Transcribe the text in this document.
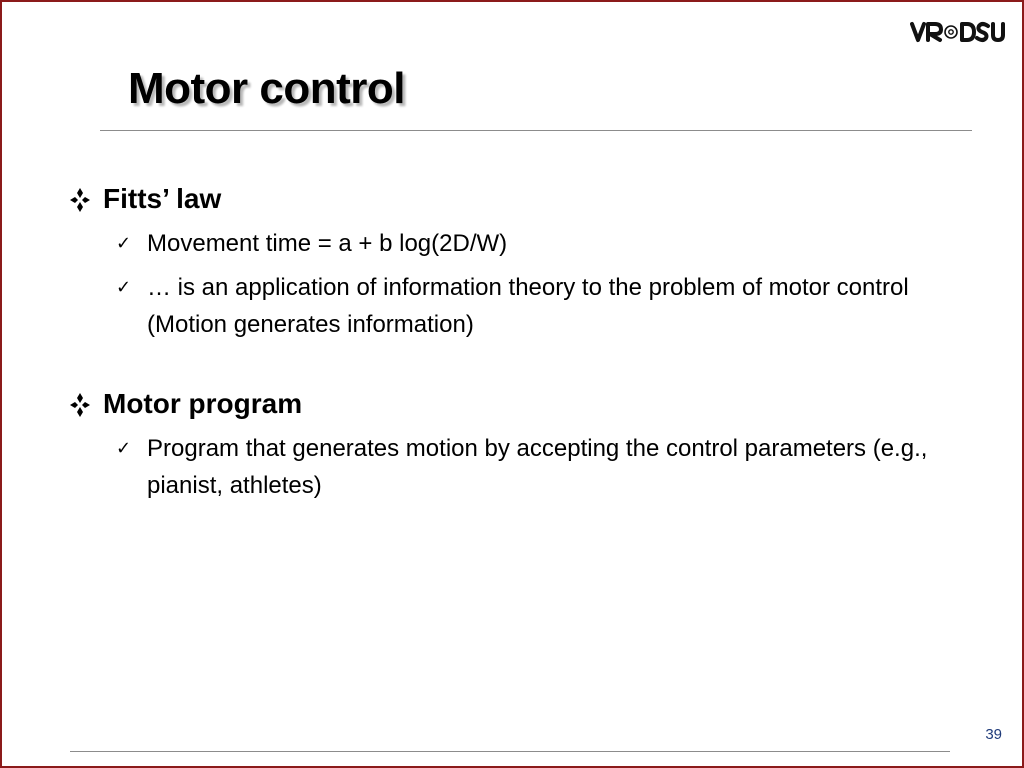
Motor control
Fitts’ law
✓ Movement time = a + b log(2D/W)
✓ … is an application of information theory to the problem of motor control (Motion generates information)
Motor program
✓ Program that generates motion by accepting the control parameters (e.g., pianist, athletes)
39
